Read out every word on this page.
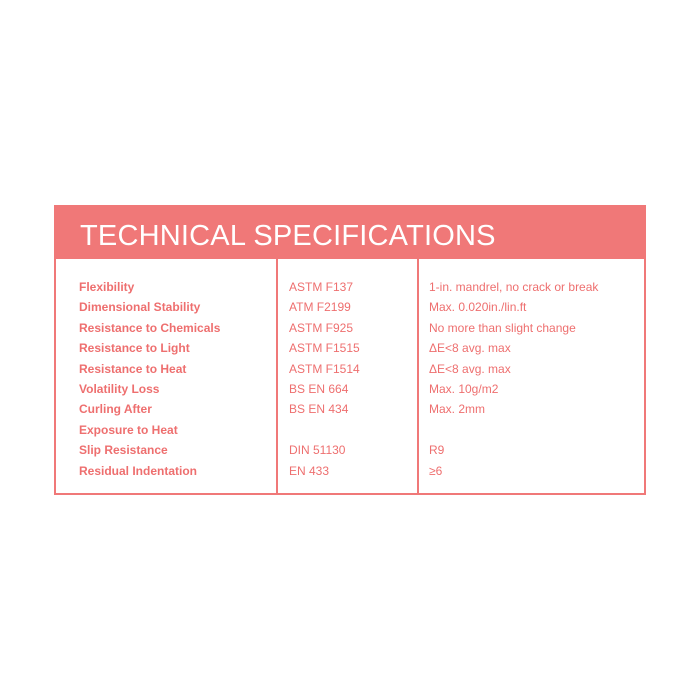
TECHNICAL SPECIFICATIONS
Flexibility	ASTM F137	1-in. mandrel, no crack or break
Dimensional Stability	ATM F2199	Max. 0.020in./lin.ft
Resistance to Chemicals	ASTM F925	No more than slight change
Resistance to Light	ASTM F1515	ΔE<8 avg. max
Resistance to Heat	ASTM F1514	ΔE<8 avg. max
Volatility Loss	BS EN 664	Max. 10g/m2
Curling After	BS EN 434	Max. 2mm
Exposure to Heat
Slip Resistance	DIN 51130	R9
Residual Indentation	EN 433	≥6
